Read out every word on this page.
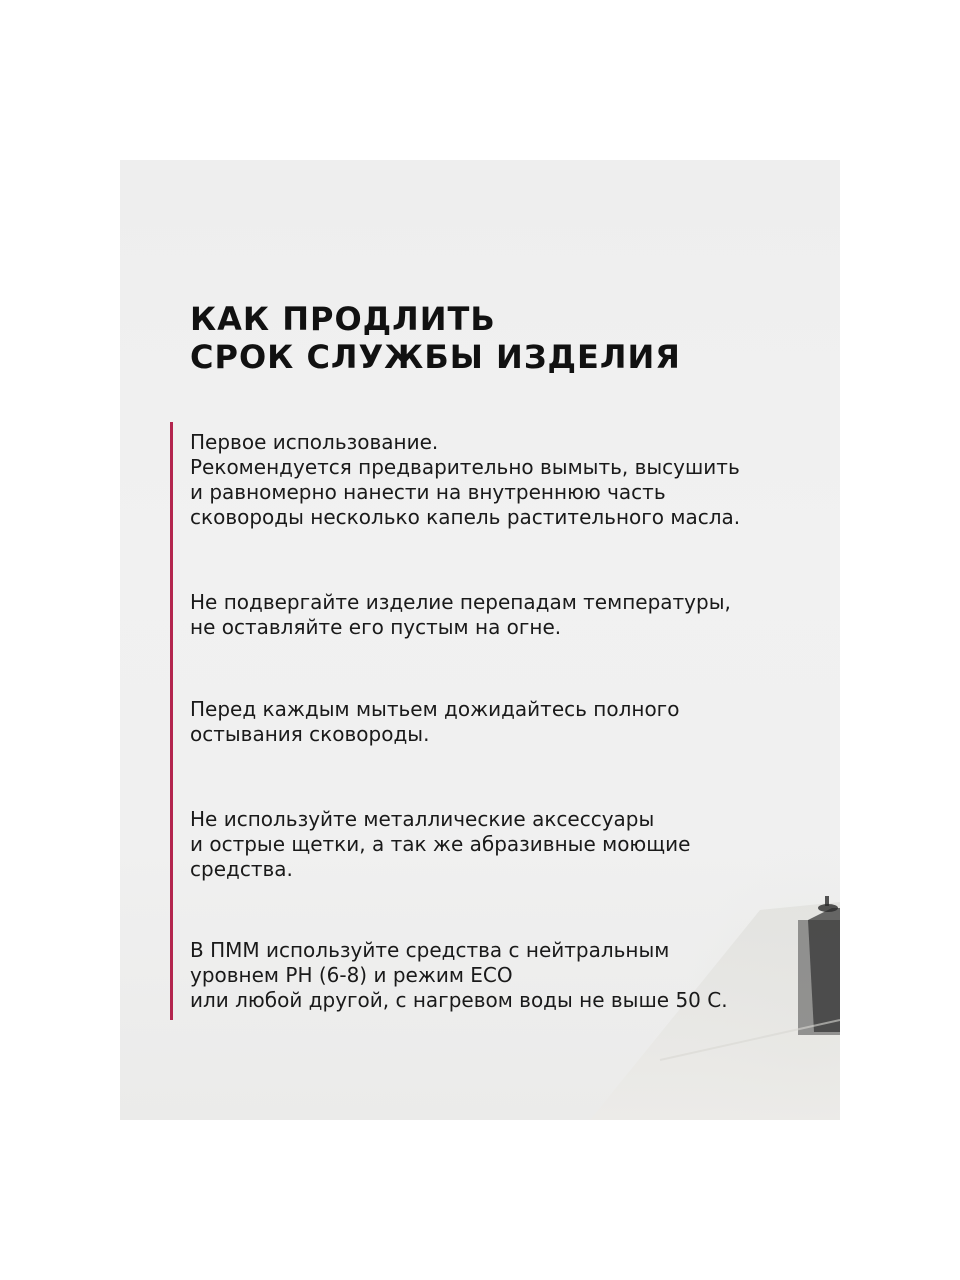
КАК ПРОДЛИТЬ
СРОК СЛУЖБЫ ИЗДЕЛИЯ

Первое использование.
Рекомендуется предварительно вымыть, высушить
и равномерно нанести на внутреннюю часть
сковороды несколько капель растительного масла.

Не подвергайте изделие перепадам температуры,
не оставляйте его пустым на огне.

Перед каждым мытьем дожидайтесь полного
остывания сковороды.

Не используйте металлические аксессуары
и острые щетки, а так же абразивные моющие
средства.

В ПММ используйте средства с нейтральным
уровнем PH (6-8) и режим ECO
или любой другой, с нагревом воды не выше 50 С.
